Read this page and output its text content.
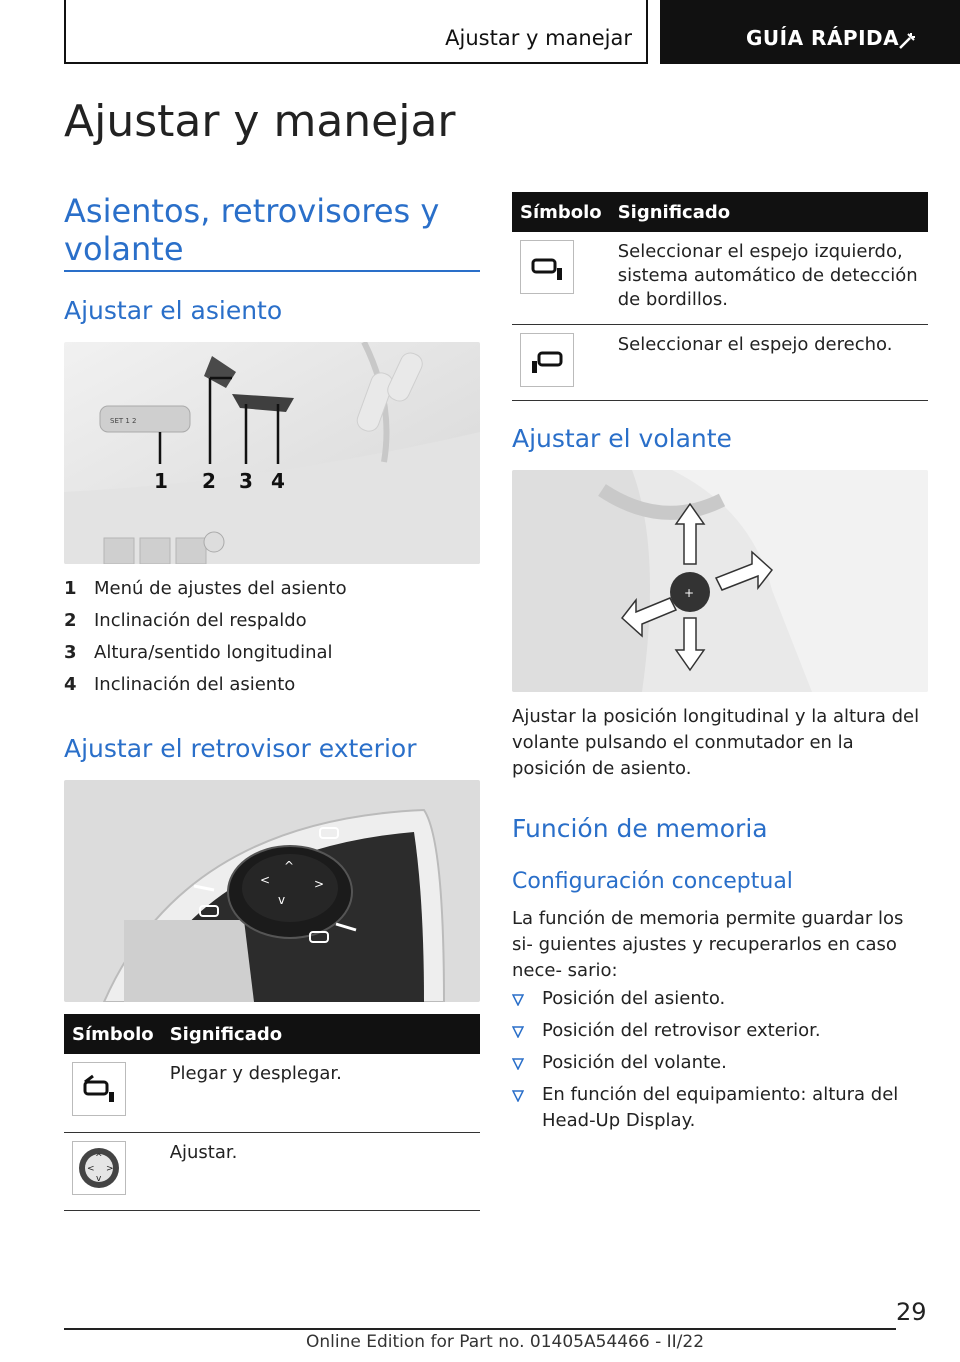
Ajustar y manejar	GUÍA RÁPIDA
Ajustar y manejar
Asientos, retrovisores y volante
Ajustar el asiento
SET 1 2
1 2 3 4
1 Menú de ajustes del asiento
2 Inclinación del respaldo
3 Altura/sentido longitudinal
4 Inclinación del asiento
Ajustar el retrovisor exterior
^
<	>
v
Símbolo	Significado

	Plegar y desplegar.

^
< >
v	Ajustar.
Símbolo	Significado

	Seleccionar el espejo izquierdo, sistema automático de detección de bordillos.

	Seleccionar el espejo derecho.
Ajustar el volante
+

Ajustar la posición longitudinal y la altura del volante pulsando el conmutador en la posición de asiento.

Función de memoria
Configuración conceptual

La función de memoria permite guardar los si- guientes ajustes y recuperarlos en caso nece- sario:

Posición del asiento.
Posición del retrovisor exterior.
Posición del volante.
En función del equipamiento: altura del Head-Up Display.
29
Online Edition for Part no. 01405A54466 - II/22
